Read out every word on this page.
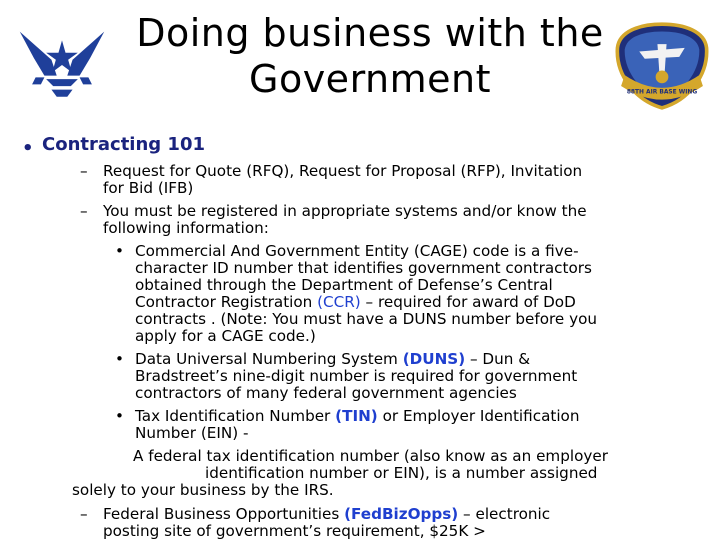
Doing business with the
Government	88TH AIR BASE WING
• Contracting 101
– Request for Quote (RFQ), Request for Proposal (RFP), Invitation
for Bid (IFB)
– You must be registered in appropriate systems and/or know the
following information:
• Commercial And Government Entity (CAGE) code is a five-
character ID number that identifies government contractors
obtained through the Department of Defense’s Central
Contractor Registration (CCR) – required for award of DoD
contracts . (Note: You must have a DUNS number before you
apply for a CAGE code.)
• Data Universal Numbering System (DUNS) – Dun &
Bradstreet’s nine-digit number is required for government
contractors of many federal government agencies
• Tax Identification Number (TIN) or Employer Identification
Number (EIN) -
A federal tax identification number (also know as an employer
identification number or EIN), is a number assigned
solely to your business by the IRS.
– Federal Business Opportunities (FedBizOpps) – electronic
posting site of government’s requirement, $25K >
